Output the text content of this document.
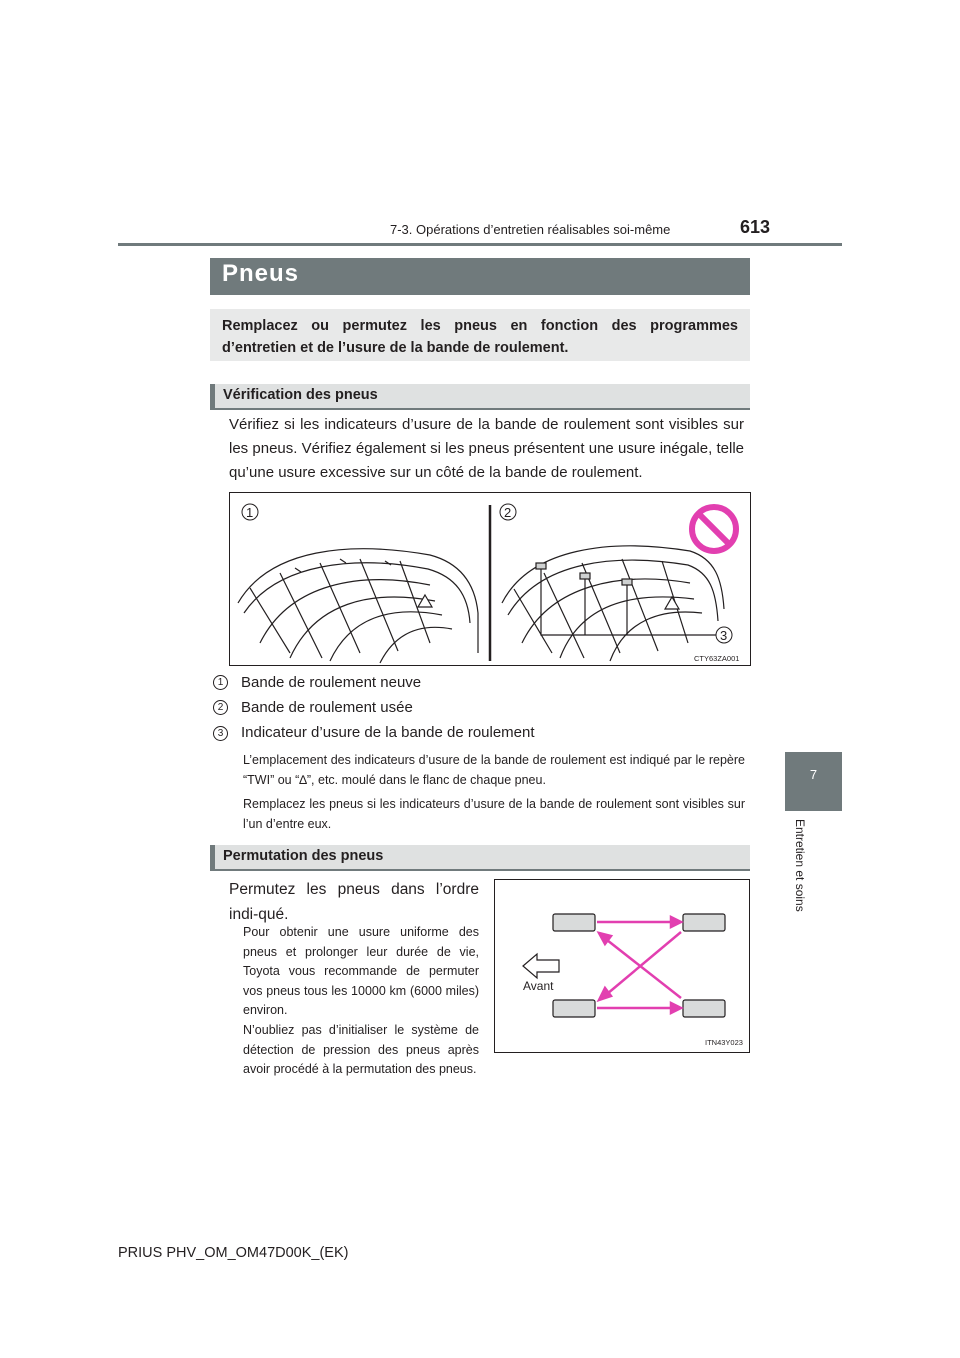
7-3. Opérations d’entretien réalisables soi-même	613
7
Entretien et soins
Pneus
Remplacez ou permutez les pneus en fonction des programmes d’entretien et de l’usure de la bande de roulement.
Vérification des pneus
Vérifiez si les indicateurs d’usure de la bande de roulement sont visibles sur les pneus. Vérifiez également si les pneus présentent une usure inégale, telle qu’une usure excessive sur un côté de la bande de roulement.
1	2
3
CTY63ZA001
1	Bande de roulement neuve
2	Bande de roulement usée
3	Indicateur d’usure de la bande de roulement
L’emplacement des indicateurs d’usure de la bande de roulement est indiqué par le repère “TWI” ou “∆”, etc. moulé dans le flanc de chaque pneu.
Remplacez les pneus si les indicateurs d’usure de la bande de roulement sont visibles sur l’un d’entre eux.
Permutation des pneus
Permutez les pneus dans l’ordre indi-qué.
Pour obtenir une usure uniforme des pneus et prolonger leur durée de vie, Toyota vous recommande de permuter vos pneus tous les 10000 km (6000 miles) environ.
N’oubliez pas d’initialiser le système de détection de pression des pneus après avoir procédé à la permutation des pneus.
Avant
ITN43Y023
PRIUS PHV_OM_OM47D00K_(EK)
